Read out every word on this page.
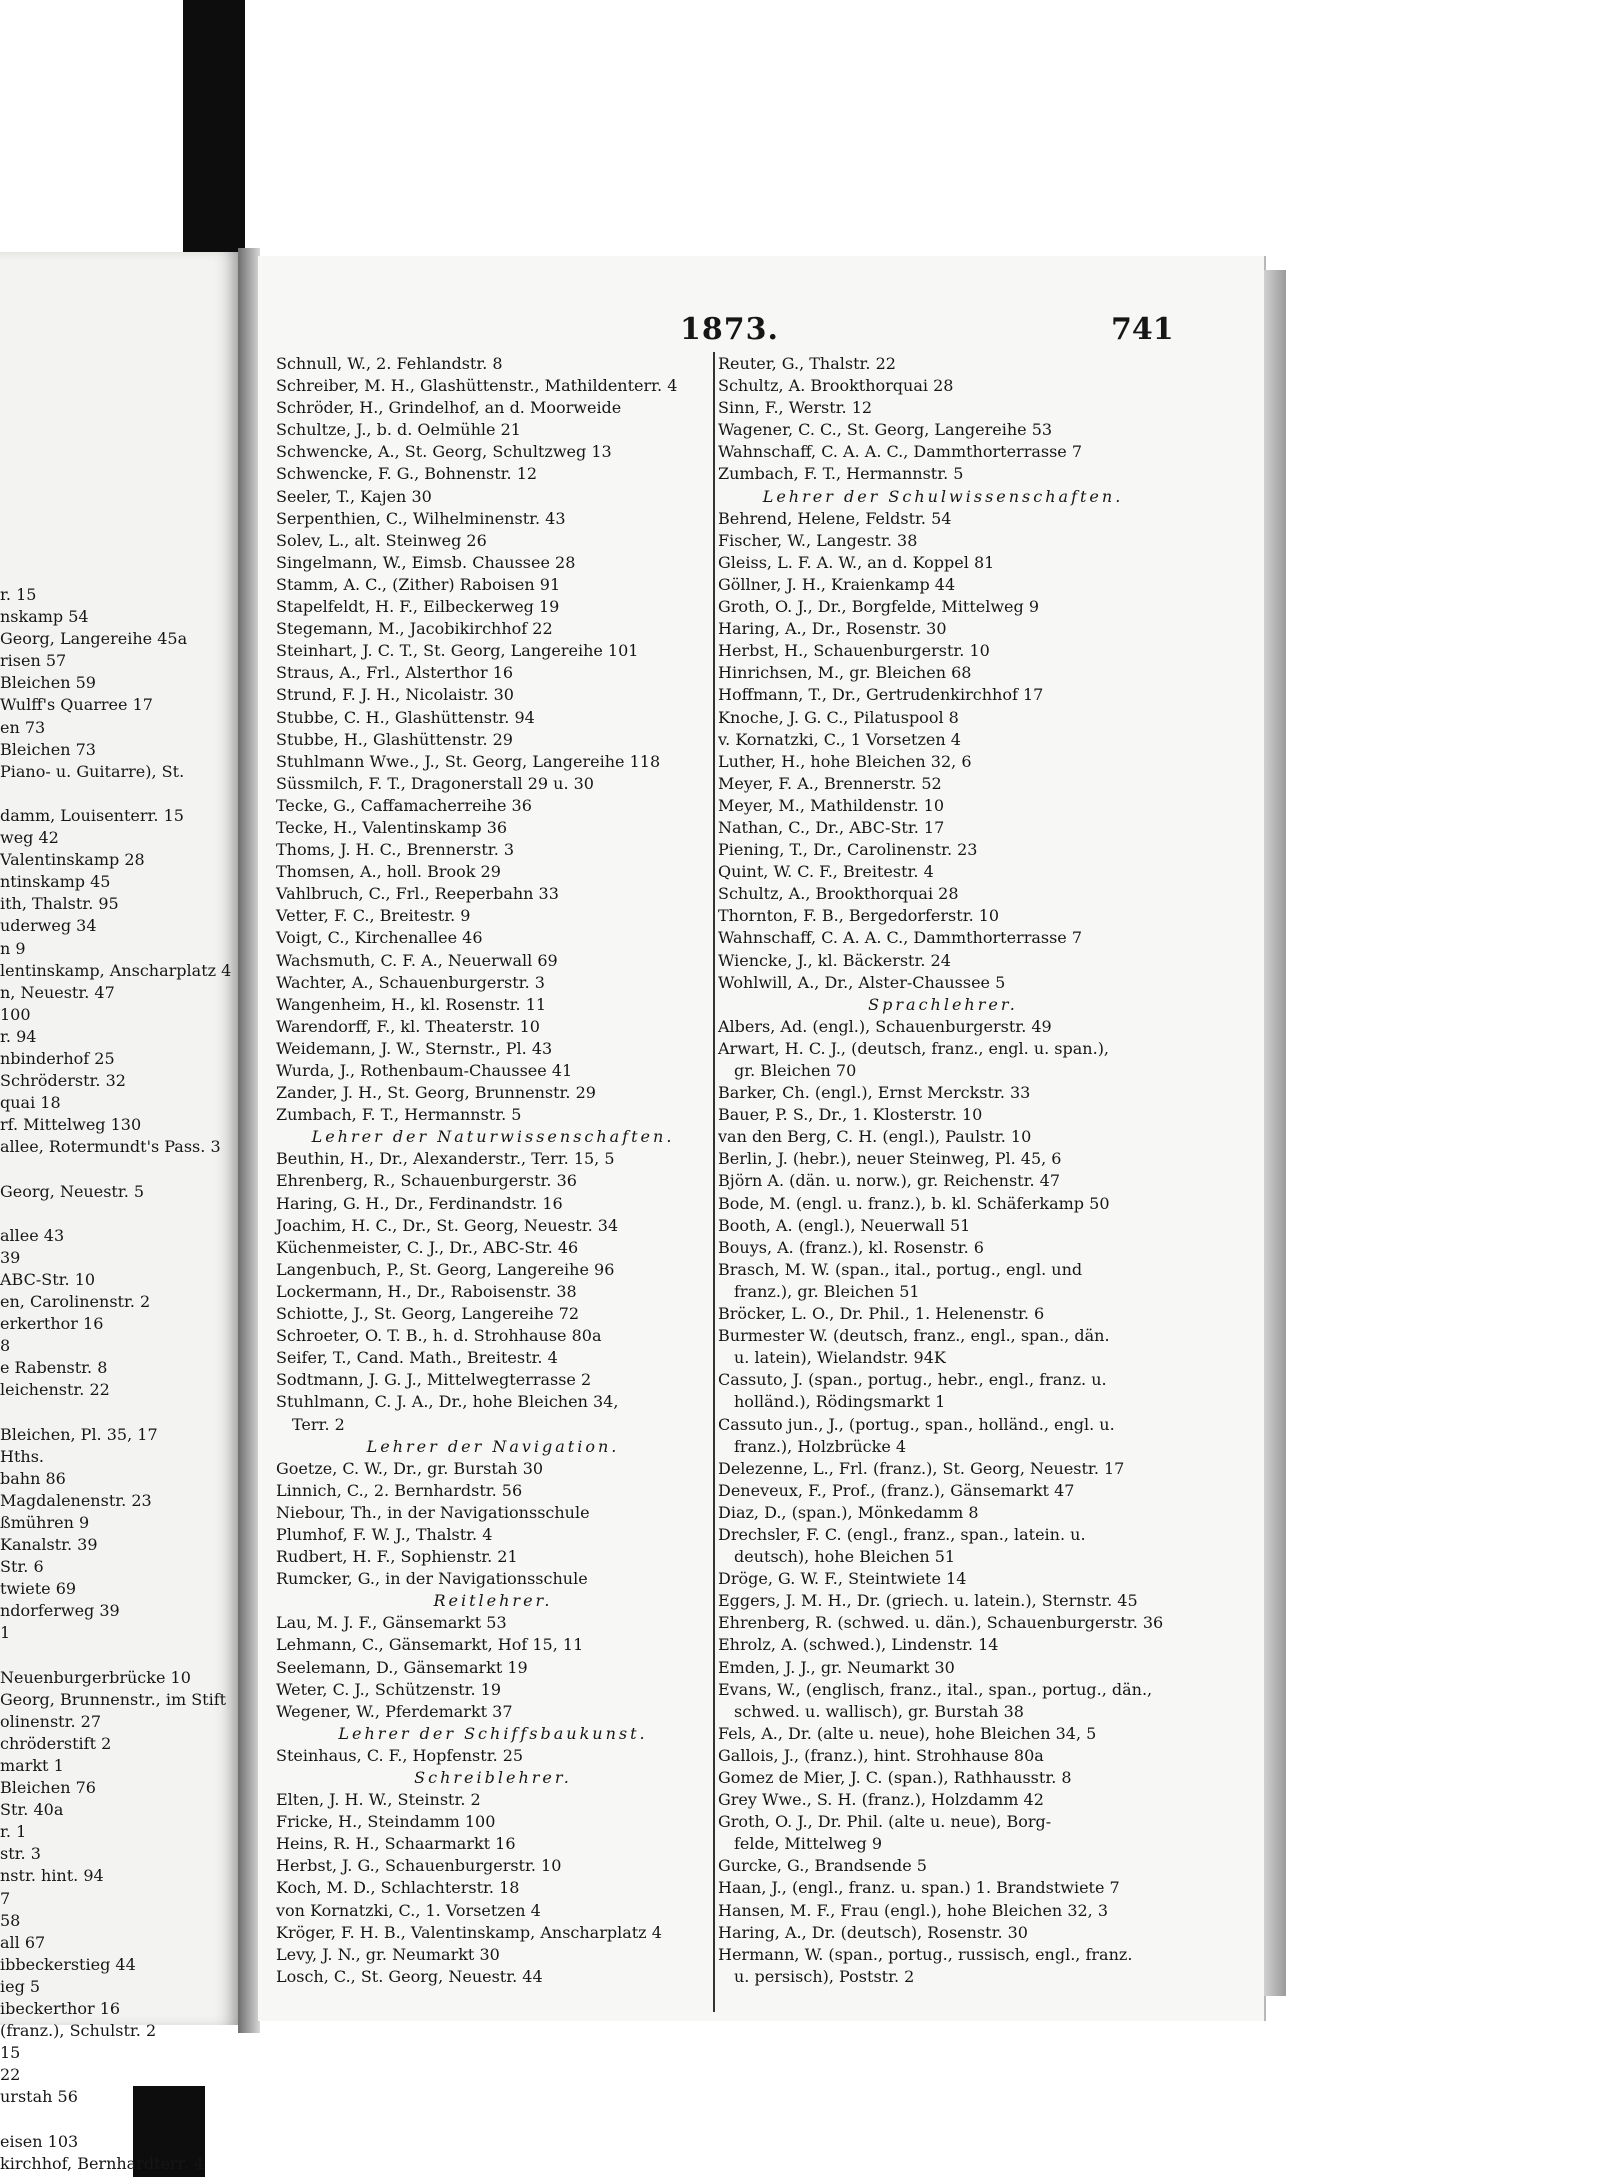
r. 15
nskamp 54
Georg, Langereihe 45a
risen 57
Bleichen 59
Wulff's Quarree 17
en 73
Bleichen 73
Piano- u. Guitarre), St.
damm, Louisenterr. 15
weg 42
Valentinskamp 28
ntinskamp 45
ith, Thalstr. 95
uderweg 34
n 9
lentinskamp, Anscharplatz 4
n, Neuestr. 47
100
r. 94
nbinderhof 25
Schröderstr. 32
quai 18
rf. Mittelweg 130
allee, Rotermundt's Pass. 3
Georg, Neuestr. 5
allee 43
39
ABC-Str. 10
en, Carolinenstr. 2
erkerthor 16
8
e Rabenstr. 8
leichenstr. 22
Bleichen, Pl. 35, 17
Hths.
bahn 86
Magdalenenstr. 23
ßmühren 9
Kanalstr. 39
Str. 6
twiete 69
ndorferweg 39
1
Neuenburgerbrücke 10
Georg, Brunnenstr., im Stift
olinenstr. 27
chröderstift 2
markt 1
Bleichen 76
Str. 40a
r. 1
str. 3
nstr. hint. 94
7
58
all 67
ibbeckerstieg 44
ieg 5
ibeckerthor 16
(franz.), Schulstr. 2
15
22
urstah 56
eisen 103
kirchhof, Bernhardterr. 4
1873.	741

Schnull, W., 2. Fehlandstr. 8
Schreiber, M. H., Glashüttenstr., Mathildenterr. 4
Schröder, H., Grindelhof, an d. Moorweide
Schultze, J., b. d. Oelmühle 21
Schwencke, A., St. Georg, Schultzweg 13
Schwencke, F. G., Bohnenstr. 12
Seeler, T., Kajen 30
Serpenthien, C., Wilhelminenstr. 43
Solev, L., alt. Steinweg 26
Singelmann, W., Eimsb. Chaussee 28
Stamm, A. C., (Zither) Raboisen 91
Stapelfeldt, H. F., Eilbeckerweg 19
Stegemann, M., Jacobikirchhof 22
Steinhart, J. C. T., St. Georg, Langereihe 101
Straus, A., Frl., Alsterthor 16
Strund, F. J. H., Nicolaistr. 30
Stubbe, C. H., Glashüttenstr. 94
Stubbe, H., Glashüttenstr. 29
Stuhlmann Wwe., J., St. Georg, Langereihe 118
Süssmilch, F. T., Dragonerstall 29 u. 30
Tecke, G., Caffamacherreihe 36
Tecke, H., Valentinskamp 36
Thoms, J. H. C., Brennerstr. 3
Thomsen, A., holl. Brook 29
Vahlbruch, C., Frl., Reeperbahn 33
Vetter, F. C., Breitestr. 9
Voigt, C., Kirchenallee 46
Wachsmuth, C. F. A., Neuerwall 69
Wachter, A., Schauenburgerstr. 3
Wangenheim, H., kl. Rosenstr. 11
Warendorff, F., kl. Theaterstr. 10
Weidemann, J. W., Sternstr., Pl. 43
Wurda, J., Rothenbaum-Chaussee 41
Zander, J. H., St. Georg, Brunnenstr. 29
Zumbach, F. T., Hermannstr. 5
Lehrer der Naturwissenschaften.
Beuthin, H., Dr., Alexanderstr., Terr. 15, 5
Ehrenberg, R., Schauenburgerstr. 36
Haring, G. H., Dr., Ferdinandstr. 16
Joachim, H. C., Dr., St. Georg, Neuestr. 34
Küchenmeister, C. J., Dr., ABC-Str. 46
Langenbuch, P., St. Georg, Langereihe 96
Lockermann, H., Dr., Raboisenstr. 38
Schiotte, J., St. Georg, Langereihe 72
Schroeter, O. T. B., h. d. Strohhause 80a
Seifer, T., Cand. Math., Breitestr. 4
Sodtmann, J. G. J., Mittelwegterrasse 2
Stuhlmann, C. J. A., Dr., hohe Bleichen 34,
Terr. 2
Lehrer der Navigation.
Goetze, C. W., Dr., gr. Burstah 30
Linnich, C., 2. Bernhardstr. 56
Niebour, Th., in der Navigationsschule
Plumhof, F. W. J., Thalstr. 4
Rudbert, H. F., Sophienstr. 21
Rumcker, G., in der Navigationsschule
Reitlehrer.
Lau, M. J. F., Gänsemarkt 53
Lehmann, C., Gänsemarkt, Hof 15, 11
Seelemann, D., Gänsemarkt 19
Weter, C. J., Schützenstr. 19
Wegener, W., Pferdemarkt 37
Lehrer der Schiffsbaukunst.
Steinhaus, C. F., Hopfenstr. 25
Schreiblehrer.
Elten, J. H. W., Steinstr. 2
Fricke, H., Steindamm 100
Heins, R. H., Schaarmarkt 16
Herbst, J. G., Schauenburgerstr. 10
Koch, M. D., Schlachterstr. 18
von Kornatzki, C., 1. Vorsetzen 4
Kröger, F. H. B., Valentinskamp, Anscharplatz 4
Levy, J. N., gr. Neumarkt 30
Losch, C., St. Georg, Neuestr. 44
Reuter, G., Thalstr. 22
Schultz, A. Brookthorquai 28
Sinn, F., Werstr. 12
Wagener, C. C., St. Georg, Langereihe 53
Wahnschaff, C. A. A. C., Dammthorterrasse 7
Zumbach, F. T., Hermannstr. 5
Lehrer der Schulwissenschaften.
Behrend, Helene, Feldstr. 54
Fischer, W., Langestr. 38
Gleiss, L. F. A. W., an d. Koppel 81
Göllner, J. H., Kraienkamp 44
Groth, O. J., Dr., Borgfelde, Mittelweg 9
Haring, A., Dr., Rosenstr. 30
Herbst, H., Schauenburgerstr. 10
Hinrichsen, M., gr. Bleichen 68
Hoffmann, T., Dr., Gertrudenkirchhof 17
Knoche, J. G. C., Pilatuspool 8
v. Kornatzki, C., 1 Vorsetzen 4
Luther, H., hohe Bleichen 32, 6
Meyer, F. A., Brennerstr. 52
Meyer, M., Mathildenstr. 10
Nathan, C., Dr., ABC-Str. 17
Piening, T., Dr., Carolinenstr. 23
Quint, W. C. F., Breitestr. 4
Schultz, A., Brookthorquai 28
Thornton, F. B., Bergedorferstr. 10
Wahnschaff, C. A. A. C., Dammthorterrasse 7
Wiencke, J., kl. Bäckerstr. 24
Wohlwill, A., Dr., Alster-Chaussee 5
Sprachlehrer.
Albers, Ad. (engl.), Schauenburgerstr. 49
Arwart, H. C. J., (deutsch, franz., engl. u. span.),
gr. Bleichen 70
Barker, Ch. (engl.), Ernst Merckstr. 33
Bauer, P. S., Dr., 1. Klosterstr. 10
van den Berg, C. H. (engl.), Paulstr. 10
Berlin, J. (hebr.), neuer Steinweg, Pl. 45, 6
Björn A. (dän. u. norw.), gr. Reichenstr. 47
Bode, M. (engl. u. franz.), b. kl. Schäferkamp 50
Booth, A. (engl.), Neuerwall 51
Bouys, A. (franz.), kl. Rosenstr. 6
Brasch, M. W. (span., ital., portug., engl. und
franz.), gr. Bleichen 51
Bröcker, L. O., Dr. Phil., 1. Helenenstr. 6
Burmester W. (deutsch, franz., engl., span., dän.
u. latein), Wielandstr. 94K
Cassuto, J. (span., portug., hebr., engl., franz. u.
holländ.), Rödingsmarkt 1
Cassuto jun., J., (portug., span., holländ., engl. u.
franz.), Holzbrücke 4
Delezenne, L., Frl. (franz.), St. Georg, Neuestr. 17
Deneveux, F., Prof., (franz.), Gänsemarkt 47
Diaz, D., (span.), Mönkedamm 8
Drechsler, F. C. (engl., franz., span., latein. u.
deutsch), hohe Bleichen 51
Dröge, G. W. F., Steintwiete 14
Eggers, J. M. H., Dr. (griech. u. latein.), Sternstr. 45
Ehrenberg, R. (schwed. u. dän.), Schauenburgerstr. 36
Ehrolz, A. (schwed.), Lindenstr. 14
Emden, J. J., gr. Neumarkt 30
Evans, W., (englisch, franz., ital., span., portug., dän.,
schwed. u. wallisch), gr. Burstah 38
Fels, A., Dr. (alte u. neue), hohe Bleichen 34, 5
Gallois, J., (franz.), hint. Strohhause 80a
Gomez de Mier, J. C. (span.), Rathhausstr. 8
Grey Wwe., S. H. (franz.), Holzdamm 42
Groth, O. J., Dr. Phil. (alte u. neue), Borg-
felde, Mittelweg 9
Gurcke, G., Brandsende 5
Haan, J., (engl., franz. u. span.) 1. Brandstwiete 7
Hansen, M. F., Frau (engl.), hohe Bleichen 32, 3
Haring, A., Dr. (deutsch), Rosenstr. 30
Hermann, W. (span., portug., russisch, engl., franz.
u. persisch), Poststr. 2
